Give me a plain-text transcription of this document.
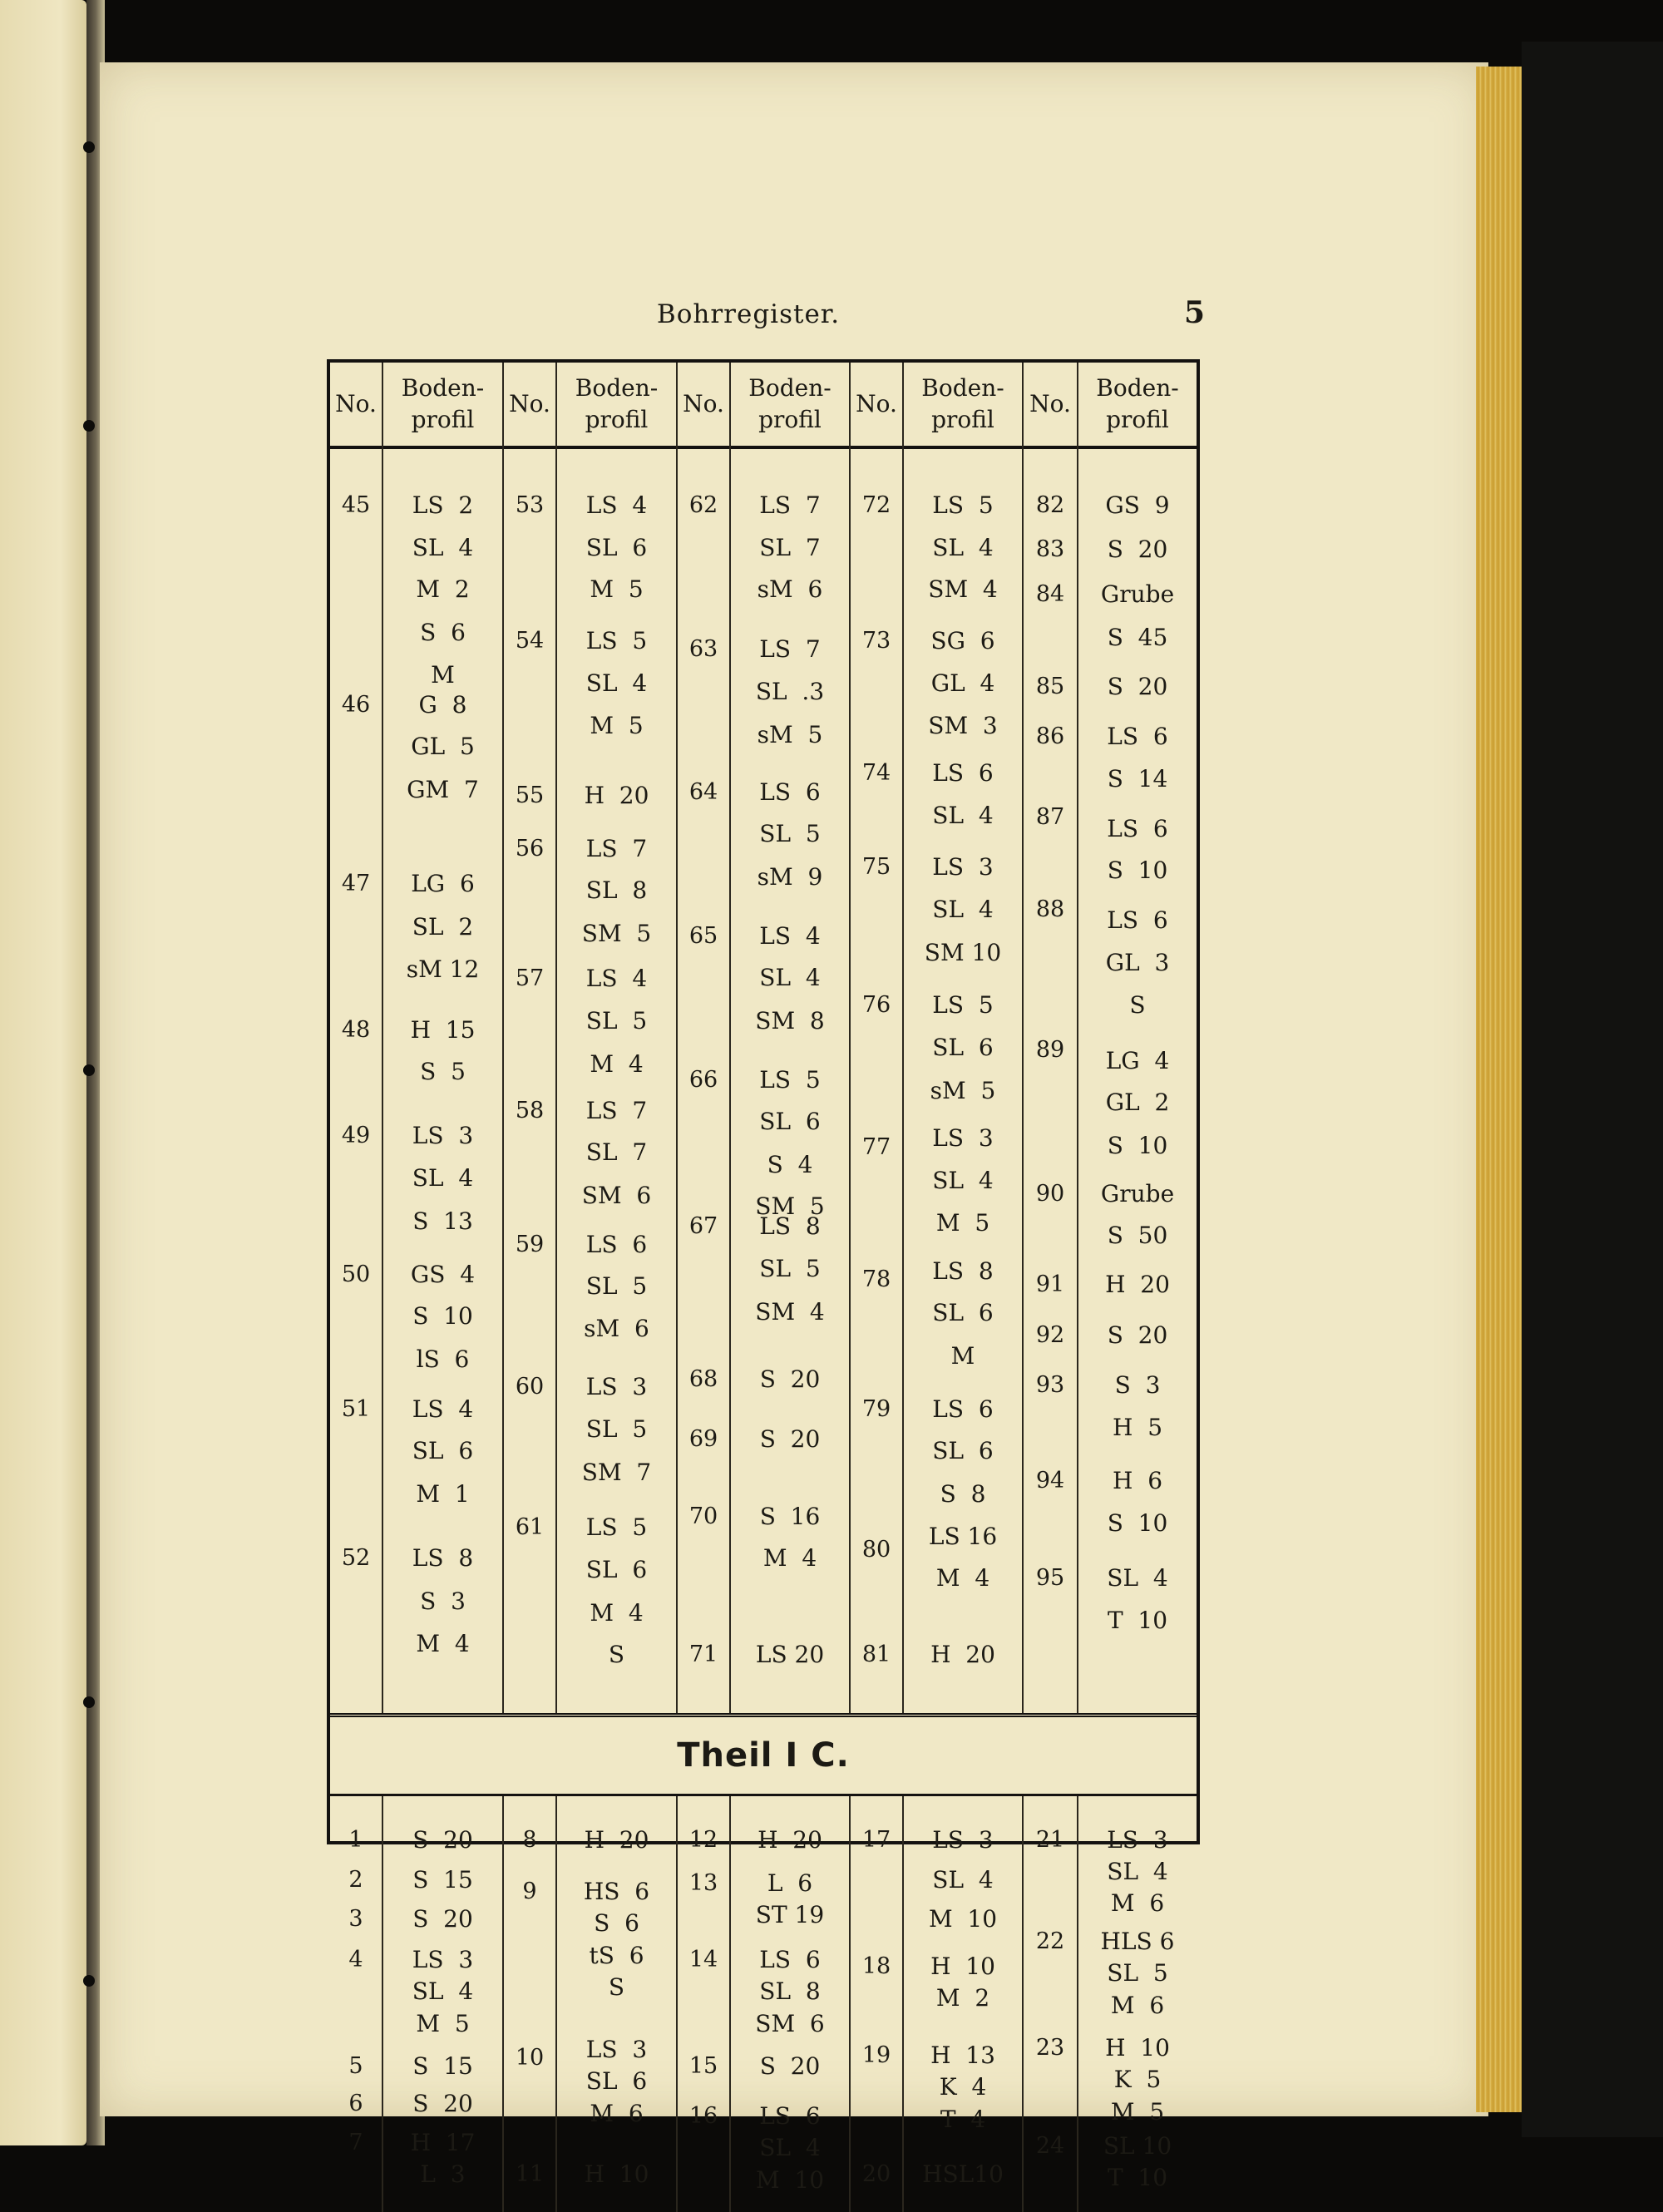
Bohrregister.	5
No.
Boden-
profil
No.
Boden-
profil
No.
Boden-
profil
No.
Boden-
profil
No.
Boden-
profil
45
46
47
48
49
50
51
52
LS  2
SL  4
M  2
S  6
M
G  8
GL  5
GM  7
LG  6
SL  2
sM 12
H  15
S  5
LS  3
SL  4
S  13
GS  4
S  10
lS  6
LS  4
SL  6
M  1
LS  8
S  3
M  4
53
54
55
56
57
58
59
60
61
LS  4
SL  6
M  5
LS  5
SL  4
M  5
H  20
LS  7
SL  8
SM  5
LS  4
SL  5
M  4
LS  7
SL  7
SM  6
LS  6
SL  5
sM  6
LS  3
SL  5
SM  7
LS  5
SL  6
M  4
S
62
63
64
65
66
67
68
69
70
71
LS  7
SL  7
sM  6
LS  7
SL  .3
sM  5
LS  6
SL  5
sM  9
LS  4
SL  4
SM  8
LS  5
SL  6
S  4
SM  5
LS  8
SL  5
SM  4
S  20
S  20
S  16
M  4
LS 20
72
73
74
75
76
77
78
79
80
81
LS  5
SL  4
SM  4
SG  6
GL  4
SM  3
LS  6
SL  4
LS  3
SL  4
SM 10
LS  5
SL  6
sM  5
LS  3
SL  4
M  5
LS  8
SL  6
M
LS  6
SL  6
S  8
LS 16
M  4
H  20
82
83
84
85
86
87
88
89
90
91
92
93
94
95
GS  9
S  20
Grube
S  45
S  20
LS  6
S  14
LS  6
S  10
LS  6
GL  3
S
LG  4
GL  2
S  10
Grube
S  50
H  20
S  20
S  3
H  5
H  6
S  10
SL  4
T  10
Theil I C.
1
2
3
4
5
6
7
S  20
S  15
S  20
LS  3
SL  4
M  5
S  15
S  20
H  17
L  3
8
9
10
11
H  20
HS  6
S  6
tS  6
S
LS  3
SL  6
M  6
H  10
12
13
14
15
16
H  20
L  6
ST 19
LS  6
SL  8
SM  6
S  20
LS  6
SL  4
M  10
17
18
19
20
LS  3
SL  4
M  10
H  10
M  2
H  13
K  4
T  4
HSL10
21
22
23
24
LS  3
SL  4
M  6
HLS 6
SL  5
M  6
H  10
K  5
M  5
SL 10
T  10
